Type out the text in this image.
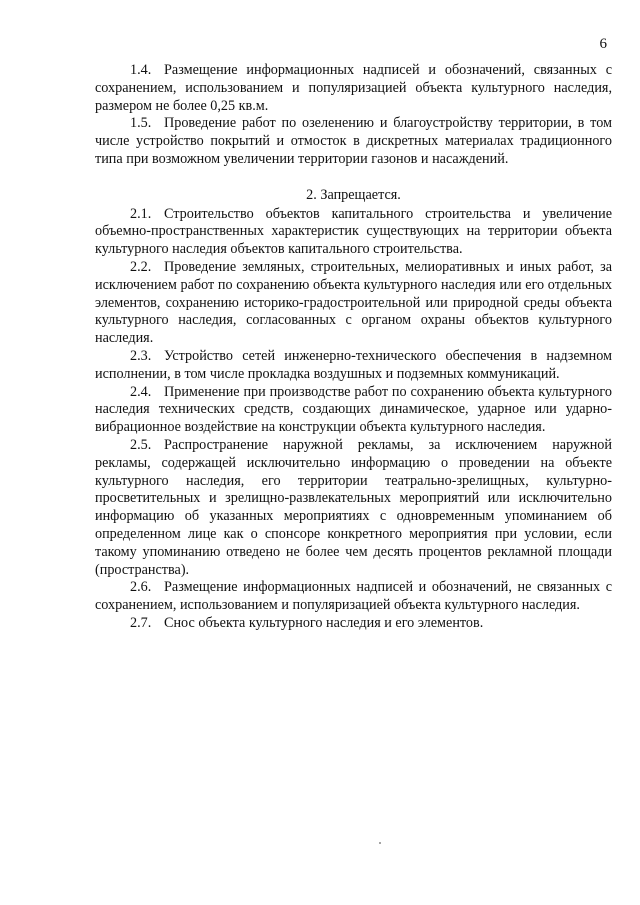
6

1.4. Размещение информационных надписей и обозначений, связанных с сохранением, использованием и популяризацией объекта культурного наследия, размером не более 0,25 кв.м.

1.5. Проведение работ по озеленению и благоустройству территории, в том числе устройство покрытий и отмосток в дискретных материалах традиционного типа при возможном увеличении территории газонов и насаждений.

2. Запрещается.

2.1. Строительство объектов капитального строительства и увеличение объемно-пространственных характеристик существующих на территории объекта культурного наследия объектов капитального строительства.

2.2. Проведение земляных, строительных, мелиоративных и иных работ, за исключением работ по сохранению объекта культурного наследия или его отдельных элементов, сохранению историко-градостроительной или природной среды объекта культурного наследия, согласованных с органом охраны объектов культурного наследия.

2.3. Устройство сетей инженерно-технического обеспечения в надземном исполнении, в том числе прокладка воздушных и подземных коммуникаций.

2.4. Применение при производстве работ по сохранению объекта культурного наследия технических средств, создающих динамическое, ударное или ударно-вибрационное воздействие на конструкции объекта культурного наследия.

2.5. Распространение наружной рекламы, за исключением наружной рекламы, содержащей исключительно информацию о проведении на объекте культурного наследия, его территории театрально-зрелищных, культурно-просветительных и зрелищно-развлекательных мероприятий или исключительно информацию об указанных мероприятиях с одновременным упоминанием об определенном лице как о спонсоре конкретного мероприятия при условии, если такому упоминанию отведено не более чем десять процентов рекламной площади (пространства).

2.6. Размещение информационных надписей и обозначений, не связанных с сохранением, использованием и популяризацией объекта культурного наследия.

2.7. Снос объекта культурного наследия и его элементов.
